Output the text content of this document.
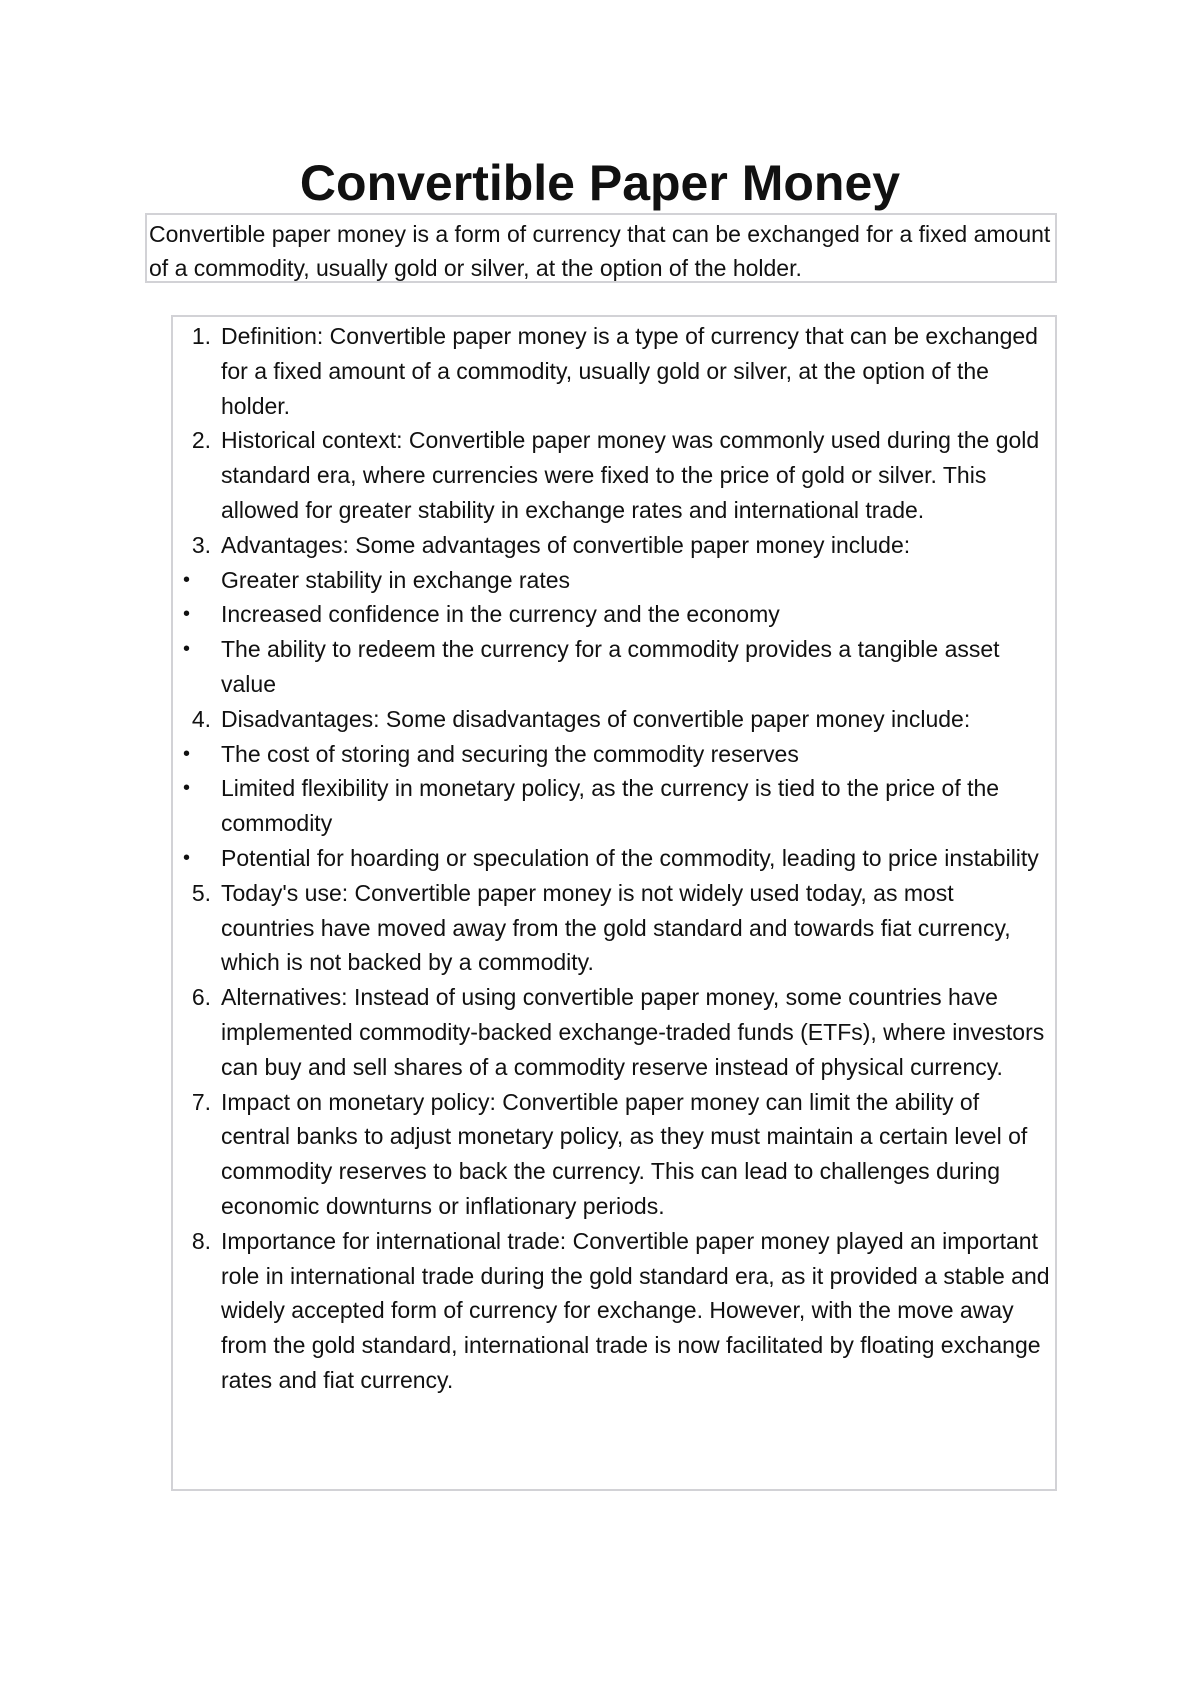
Convertible Paper Money
Convertible paper money is a form of currency that can be exchanged for a fixed amount of a commodity, usually gold or silver, at the option of the holder.
1. Definition: Convertible paper money is a type of currency that can be exchanged for a fixed amount of a commodity, usually gold or silver, at the option of the holder.
2. Historical context: Convertible paper money was commonly used during the gold standard era, where currencies were fixed to the price of gold or silver. This allowed for greater stability in exchange rates and international trade.
3. Advantages: Some advantages of convertible paper money include:
•	Greater stability in exchange rates
•	Increased confidence in the currency and the economy
•	The ability to redeem the currency for a commodity provides a tangible asset value
4. Disadvantages: Some disadvantages of convertible paper money include:
•	The cost of storing and securing the commodity reserves
•	Limited flexibility in monetary policy, as the currency is tied to the price of the commodity
•	Potential for hoarding or speculation of the commodity, leading to price instability
5. Today's use: Convertible paper money is not widely used today, as most countries have moved away from the gold standard and towards fiat currency, which is not backed by a commodity.
6. Alternatives: Instead of using convertible paper money, some countries have implemented commodity-backed exchange-traded funds (ETFs), where investors can buy and sell shares of a commodity reserve instead of physical currency.
7. Impact on monetary policy: Convertible paper money can limit the ability of central banks to adjust monetary policy, as they must maintain a certain level of commodity reserves to back the currency. This can lead to challenges during economic downturns or inflationary periods.
8. Importance for international trade: Convertible paper money played an important role in international trade during the gold standard era, as it provided a stable and widely accepted form of currency for exchange. However, with the move away from the gold standard, international trade is now facilitated by floating exchange rates and fiat currency.
